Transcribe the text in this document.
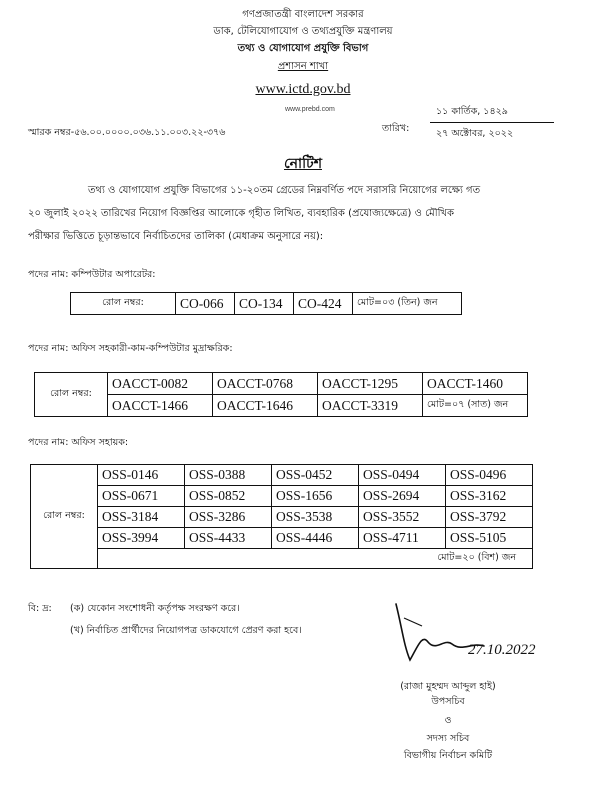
গণপ্রজাতন্ত্রী বাংলাদেশ সরকার
ডাক, টেলিযোগাযোগ ও তথ্যপ্রযুক্তি মন্ত্রণালয়
তথ্য ও যোগাযোগ প্রযুক্তি বিভাগ
প্রশাসন শাখা
www.ictd.gov.bd
www.prebd.com
স্মারক নম্বর-৫৬.০০.০০০০.০৩৬.১১.০০৩.২২-৩৭৬	তারিখ:
১১ কার্তিক, ১৪২৯
২৭ অক্টোবর, ২০২২
নোটিশ
তথ্য ও যোগাযোগ প্রযুক্তি বিভাগের ১১-২০তম গ্রেডের নিম্নবর্ণিত পদে সরাসরি নিয়োগের লক্ষ্যে গত
২০ জুলাই ২০২২ তারিখের নিয়োগ বিজ্ঞপ্তির আলোকে গৃহীত লিখিত, ব্যবহারিক (প্রযোজ্যক্ষেত্রে) ও মৌখিক
পরীক্ষার ভিত্তিতে চূড়ান্তভাবে নির্বাচিতদের তালিকা (মেধাক্রম অনুসারে নয়):
পদের নাম: কম্পিউটার অপারেটর:
রোল নম্বর:	CO-066	CO-134	CO-424	মোট=০৩ (তিন) জন
পদের নাম: অফিস সহকারী-কাম-কম্পিউটার মুদ্রাক্ষরিক:
রোল নম্বর:	OACCT-0082	OACCT-0768	OACCT-1295	OACCT-1460
	OACCT-1466	OACCT-1646	OACCT-3319	মোট=০৭ (সাত) জন
পদের নাম: অফিস সহায়ক:
রোল নম্বর:	OSS-0146	OSS-0388	OSS-0452	OSS-0494	OSS-0496
	OSS-0671	OSS-0852	OSS-1656	OSS-2694	OSS-3162
	OSS-3184	OSS-3286	OSS-3538	OSS-3552	OSS-3792
	OSS-3994	OSS-4433	OSS-4446	OSS-4711	OSS-5105
	মোট=২০ (বিশ) জন				
বি: দ্র: (ক) যেকোন সংশোধনী কর্তৃপক্ষ সংরক্ষণ করে।
(খ) নির্বাচিত প্রার্থীদের নিয়োগপত্র ডাকযোগে প্রেরণ করা হবে।
27.10.2022
(রাজা মুহম্মদ আব্দুল হাই)
উপসচিব
ও
সদস্য সচিব
বিভাগীয় নির্বাচন কমিটি
